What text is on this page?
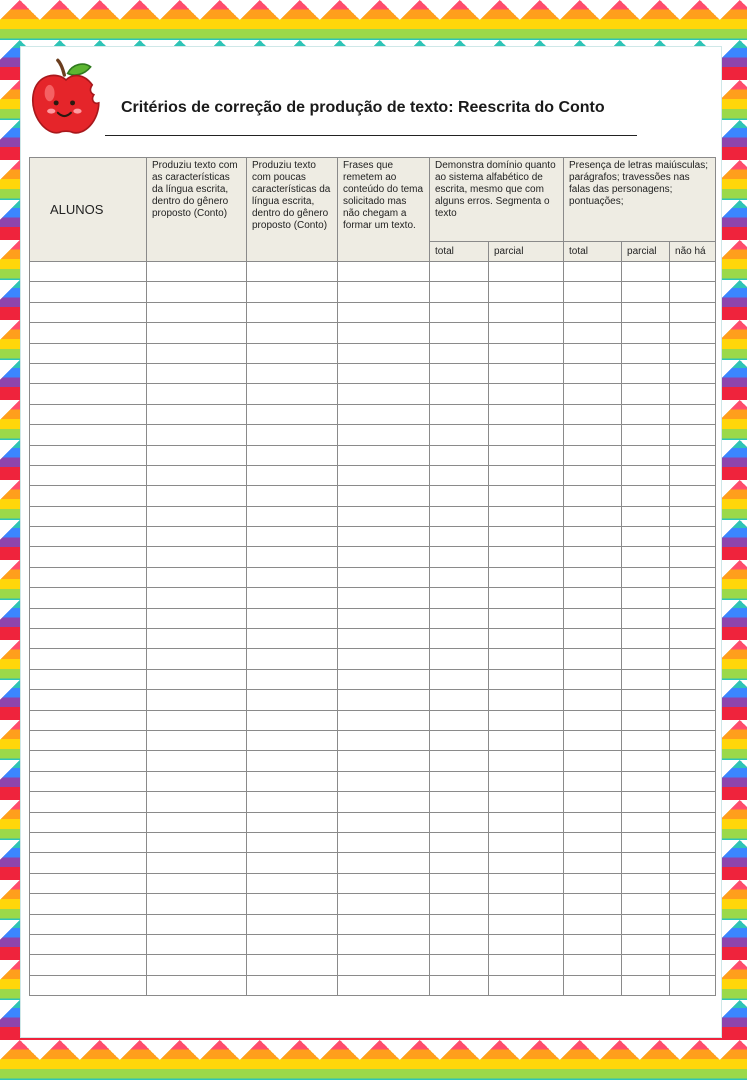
Critérios de correção de produção de texto: Reescrita do Conto
ALUNOS	Produziu texto com as características da língua escrita, dentro do gênero proposto (Conto)	Produziu texto com poucas características da língua escrita, dentro do gênero proposto (Conto)	Frases que remetem ao conteúdo do tema solicitado mas não chegam a formar um texto.	Demonstra domínio quanto ao sistema alfabético de escrita, mesmo que com alguns erros. Segmenta o texto		Presença de letras maiúsculas; parágrafos; travessões nas falas das personagens; pontuações;		
				total	parcial	total	parcial	não há
